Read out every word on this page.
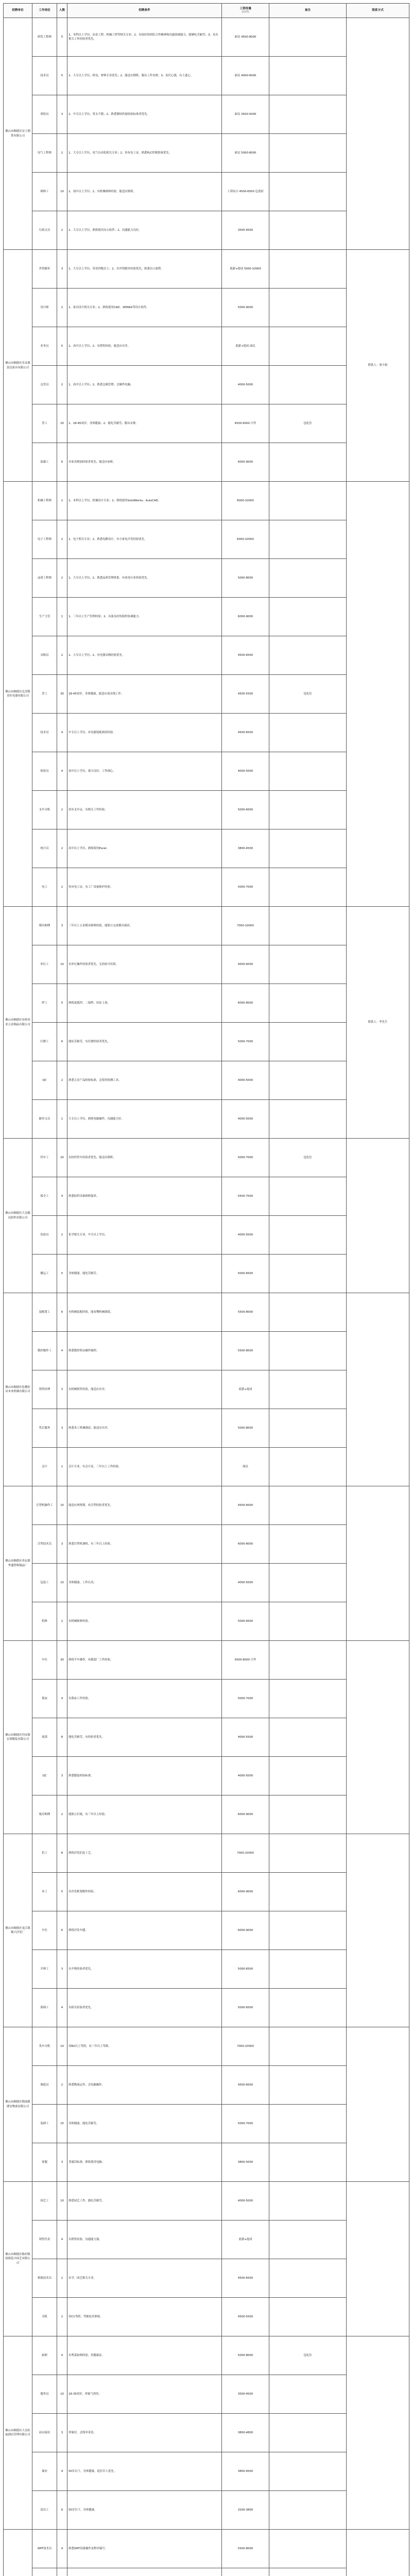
招聘单位	工作岗位	人数	招聘条件	工资待遇
(元/月)	备注	联系方式
佛山市顺德区安上钢铁有限公司	研发工程师	5	1、本科以上学历，冶金工程、机械工程等相关专业；2、有较好的团队合作精神和沟通协调能力，能够吃苦耐劳；3、具有相关工作经验者优先。	面议 4500-8000		
	技术员	5	1、大专以上学历，机电、材料专业优先；2、能适应倒班，服从工作安排；3、责任心强，有上进心。	面议 4000-6000		
	质检员	3	1、中专以上学历，男女不限；2、熟悉钢材质量检验标准者优先。	面议 3500-5000		
	电气工程师	2	1、大专以上学历，电气自动化相关专业；2、持有电工证，熟悉PLC控制系统优先。	面议 5000-8000		
	维修工	10	1、初中以上学历；2、有机械维修经验，能适应倒班。	工资综合 4500-6500 包食宿		
	行政文员	2	1、大专以上学历，熟练使用办公软件；2、沟通能力良好。	3500-4500		
佛山市顺德区乐从镇富达家具有限公司	外贸跟单	3	1、大专以上学历，英语四级以上；2、有外贸跟单经验优先，熟悉出口流程。	底薪+提成 5000-10000		联系人：周小姐
	设计师	2	1、家具设计相关专业；2、熟练使用CAD、3DMAX等设计软件。	5000-9000		
	业务员	5	1、高中以上学历；2、有销售经验，能适应出差。	底薪+提成 面议		
	仓管员	2	1、高中以上学历；2、熟悉仓储管理，会操作电脑。	4000-5000		
	普工	20	1、18-45周岁，身体健康；2、能吃苦耐劳，服从安排。	4500-6000 计件	包吃住	
	油漆工	6	有家具喷油经验者优先，能适应加班。	6000-9000		
佛山市顺德区北滘镇美旺电器有限公司	机械工程师	2	1、本科以上学历，机械设计专业；2、熟练使用SolidWorks、AutoCAD。	6000-10000		
	电子工程师	2	1、电子相关专业；2、熟悉电路设计，有小家电开发经验优先。	6000-10000		
	品质工程师	2	1、大专以上学历；2、熟悉品质管理体系，有家电行业经验优先。	5000-8000		
	生产主管	1	1、三年以上生产管理经验；2、具备良好的组织协调能力。	6000-9000		
	采购员	2	1、大专以上学历；2、有电器采购经验优先。	4500-6500		
	普工	30	18-45周岁，身体健康，能适应流水线工作。	4500-5500	包吃住	
	技术员	4	中专以上学历，有电器装配调试经验。	4500-6500		
	检验员	4	初中以上学历，视力良好，工作细心。	4000-5000		
	叉车司机	2	持有叉车证，有相关工作经验。	5000-6000		
	统计员	2	高中以上学历，熟练使用Excel。	3800-4500		
	电工	2	持有电工证，有工厂设备维护经验。	5000-7000		
佛山市顺德区容桂伟业五金制品有限公司	模具师傅	3	三年以上五金模具维修经验，能独立完成模具调试。	7000-10000		联系人：李先生
	冲压工	10	有冲压操作经验者优先，无经验可培训。	4500-6000		
	焊工	5	熟练氩弧焊、二保焊，持证上岗。	6000-8000		
	打磨工	6	能吃苦耐劳，有打磨经验者优先。	5000-7000		
	QC	2	熟悉五金产品检验标准，会使用检测工具。	4000-5000		
	跟单文员	1	大专以上学历，熟练电脑操作，沟通能力好。	4000-5000		
佛山市顺德区大良骏达纺织有限公司	挡车工	20	有纺织挡车经验者优先，能适应倒班。	5000-7000	包吃住	
	保全工	4	熟悉纺织设备维修保养。	5500-7500		
	化验员	2	化学相关专业，中专以上学历。	4000-5000		
	搬运工	5	身体健康，能吃苦耐劳。	5000-6500		
佛山市顺德区伦教恒昌木业机械有限公司	装配钳工	6	有机械装配经验，能看懂机械图纸。	5500-8000		
	数控操作工	4	熟悉数控机床操作编程。	5500-8000		
	销售经理	3	有机械销售经验，能适应出差。	底薪+提成		
	售后服务	3	熟悉木工机械调试，能适应出差。	5000-8000		
	会计	1	会计专业，有会计证，三年以上工作经验。	面议		
佛山市顺德区杏坛镇华盛塑料制品厂	注塑机操作工	15	能适应两班倒，有注塑经验者优先。	4500-6000		
	注塑技术员	3	熟悉注塑机调机，有三年以上经验。	6000-8000		
	包装工	10	身体健康，工作认真。	4000-5000		
	机修	2	有机械维修经验。	5000-6500		
佛山市顺德区均安镇宏图服装有限公司	车位	30	熟练平车操作，有服装厂工作经验。	5000-8000 计件		
	裁床	4	有裁床工作经验。	5000-7000		
	尾部	8	能吃苦耐劳，有经验者优先。	4000-5500		
	QC	3	熟悉服装检验标准。	4000-5000		
	板房师傅	2	能独立打板，有三年以上经验。	6000-9000		
佛山市顺德区龙江镇顺兴沙发厂	扪工	8	熟练沙发扪皮工艺。	7000-10000		
	木工	5	有沙发框架制作经验。	6000-9000		
	车位	6	熟练沙发车缝。	6000-9000		
	开料工	3	有开料经验者优先。	5000-6500		
	海绵工	4	有相关经验者优先。	5000-6500		
佛山市顺德区勒流镇捷安物流有限公司	货车司机	10	持B2以上驾照，有三年以上驾龄。	7000-10000		
	调度员	2	熟悉物流运作，会电脑操作。	4500-6000		
	装卸工	15	身体健康，能吃苦耐劳。	5000-7000		
	客服	3	普通话标准，熟练使用电脑。	3800-5000		
佛山市顺德区陈村镇绿源花卉园艺有限公司	园艺工	10	热爱园艺工作，能吃苦耐劳。	4000-5000		
	销售代表	4	有销售经验，沟通能力强。	底薪+提成		
	植保技术员	2	农学、园艺相关专业。	4500-6500		
	司机	2	持C1驾照，驾驶技术熟练。	4500-5500		
佛山市顺德区大良恒福酒店管理有限公司	厨师	4	有粤菜厨师经验，持健康证。	5000-8000	包吃住	
	服务员	10	18-35周岁，形象气质佳。	3500-4500		
	前台接待	3	形象好，会简单英语。	3800-4800		
	保安	4	50岁以下，身体健康，退伍军人优先。	3800-4500		
	清洁工	6	55岁以下，身体健康。	3200-3800		
	SMT技术员	4	熟悉SMT设备操作及程序编写。	5500-8000		
